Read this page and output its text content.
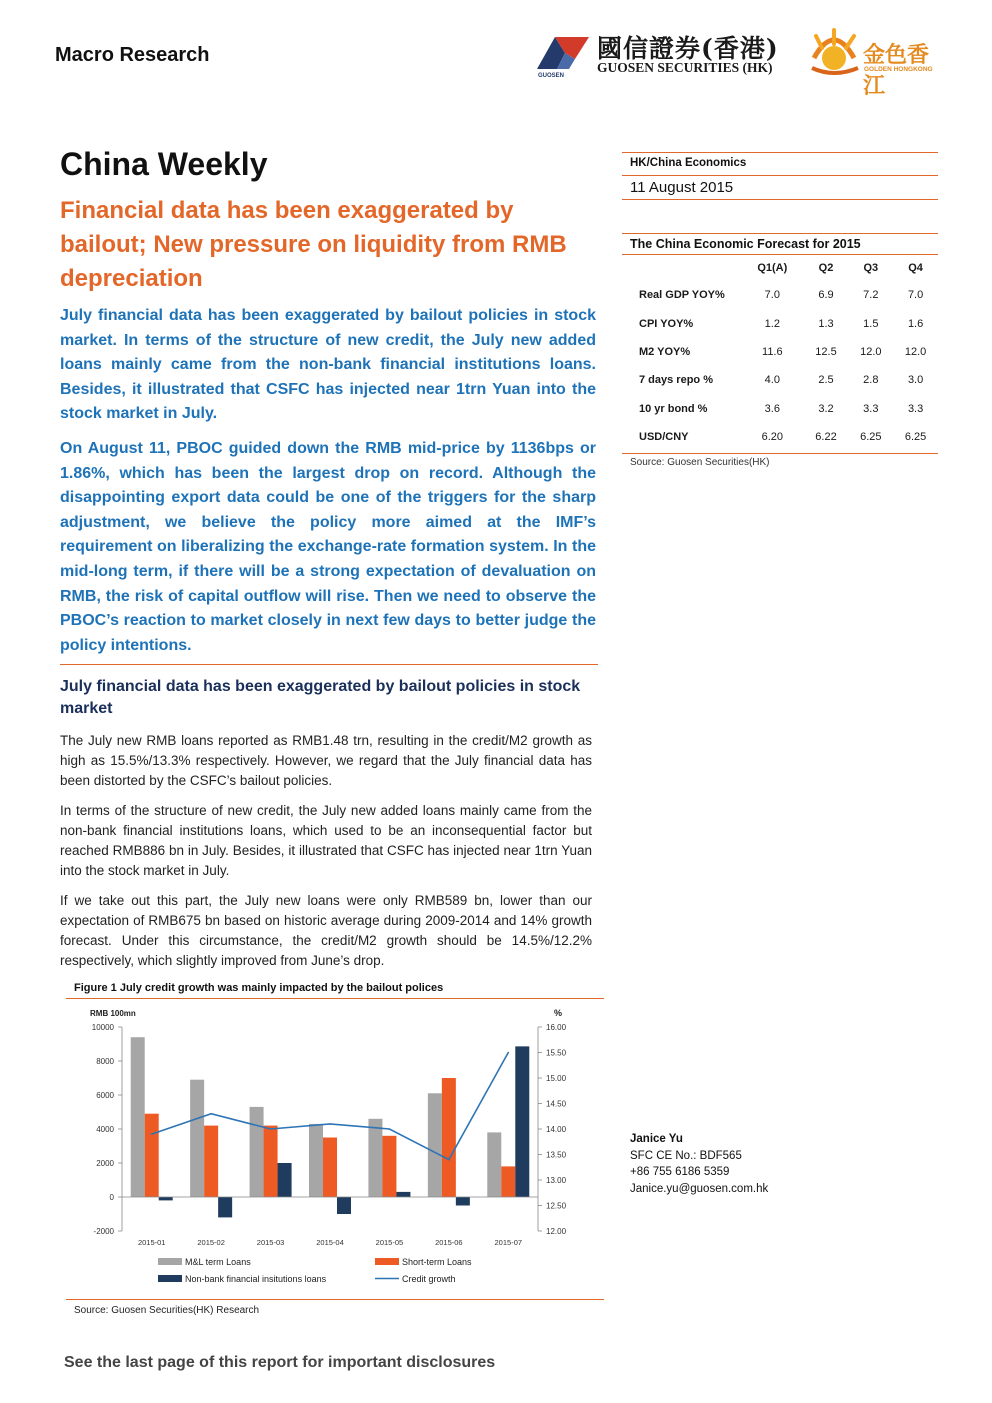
Macro Research
GUOSEN
國信證券(香港)
GUOSEN SECURITIES (HK)	金色香江
GOLDEN HONGKONG
China Weekly
Financial data has been exaggerated by
bailout; New pressure on liquidity from RMB
depreciation
July financial data has been exaggerated by bailout policies in stock market. In terms of the structure of new credit, the July new added loans mainly came from the non-bank financial institutions loans. Besides, it illustrated that CSFC has injected near 1trn Yuan into the stock market in July.
On August 11, PBOC guided down the RMB mid-price by 1136bps or 1.86%, which has been the largest drop on record. Although the disappointing export data could be one of the triggers for the sharp adjustment, we believe the policy more aimed at the IMF’s requirement on liberalizing the exchange-rate formation system. In the mid-long term, if there will be a strong expectation of devaluation on RMB, the risk of capital outflow will rise. Then we need to observe the PBOC’s reaction to market closely in next few days to better judge the policy intentions.
July financial data has been exaggerated by bailout policies in stock market
The July new RMB loans reported as RMB1.48 trn, resulting in the credit/M2 growth as high as 15.5%/13.3% respectively. However, we regard that the July financial data has been distorted by the CSFC’s bailout policies.
In terms of the structure of new credit, the July new added loans mainly came from the non-bank financial institutions loans, which used to be an inconsequential factor but reached RMB886 bn in July. Besides, it illustrated that CSFC has injected near 1trn Yuan into the stock market in July.
If we take out this part, the July new loans were only RMB589 bn, lower than our expectation of RMB675 bn based on historic average during 2009-2014 and 14% growth forecast. Under this circumstance, the credit/M2 growth should be 14.5%/12.2% respectively, which slightly improved from June’s drop.
Figure 1 July credit growth was mainly impacted by the bailout polices
RMB 100mn	%
10000
8000
6000
4000
2000
0
-2000
16.00
15.50
15.00
14.50
14.00
13.50
13.00
12.50
12.00
2015-01	2015-02	2015-03	2015-04	2015-05	2015-06	2015-07
M&L term Loans	Short-term Loans
Non-bank financial insitutions loans	Credit growth
Source: Guosen Securities(HK) Research
See the last page of this report for important disclosures
HK/China Economics
11 August 2015
The China Economic Forecast for 2015
	Q1(A)	Q2	Q3	Q4
Real GDP YOY%	7.0	6.9	7.2	7.0
CPI YOY%	1.2	1.3	1.5	1.6
M2 YOY%	11.6	12.5	12.0	12.0
7 days repo %	4.0	2.5	2.8	3.0
10 yr bond %	3.6	3.2	3.3	3.3
USD/CNY	6.20	6.22	6.25	6.25
Source: Guosen Securities(HK)
Janice Yu
SFC CE No.: BDF565
+86 755 6186 5359
Janice.yu@guosen.com.hk
